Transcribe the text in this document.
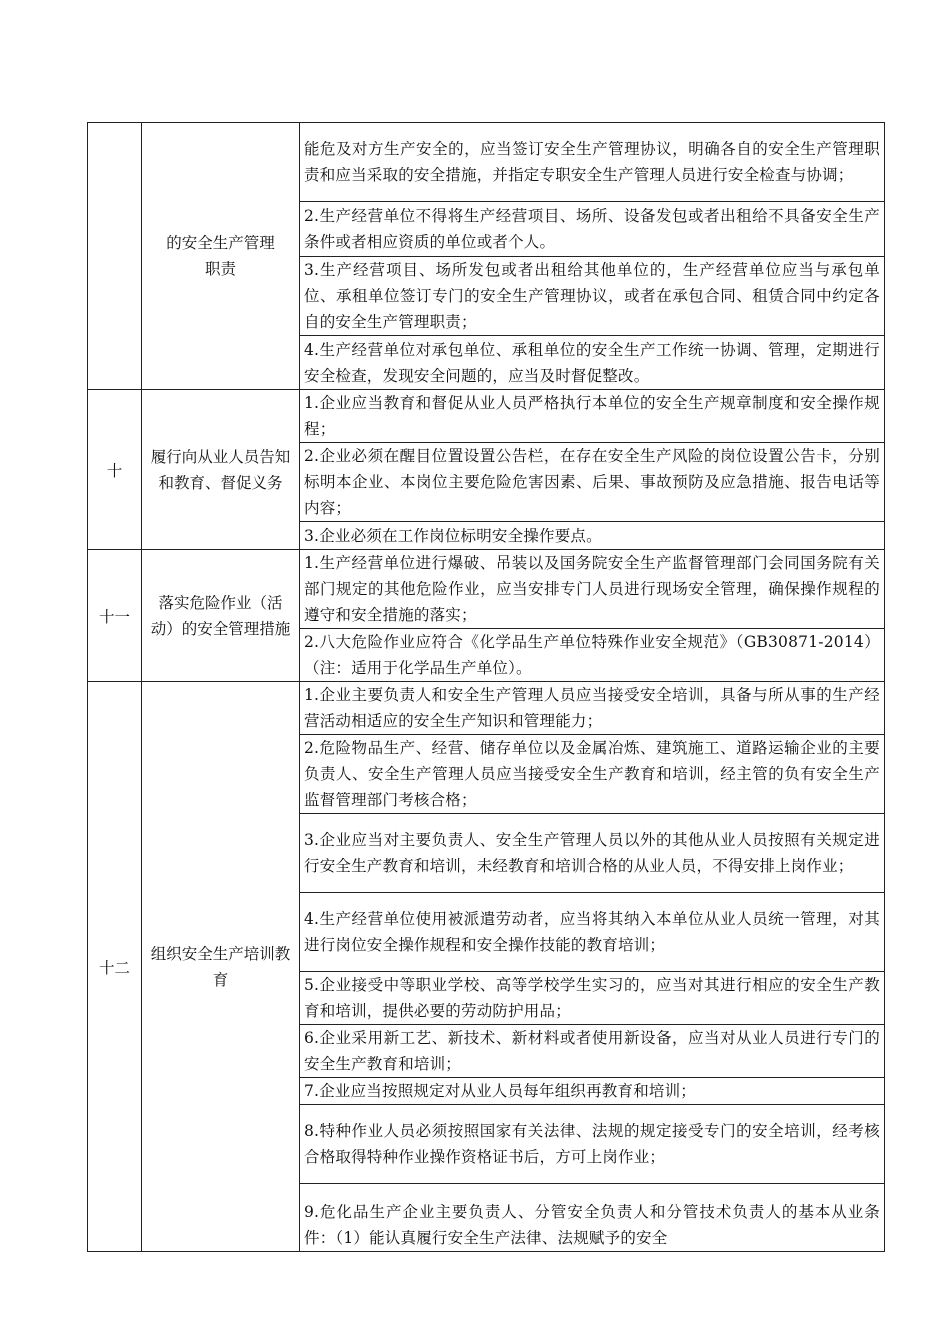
	的安全生产管理职责	能危及对方生产安全的，应当签订安全生产管理协议，明确各自的安全生产管理职责和应当采取的安全措施，并指定专职安全生产管理人员进行安全检查与协调；

		2.生产经营单位不得将生产经营项目、场所、设备发包或者出租给不具备安全生产条件或者相应资质的单位或者个人。

		3.生产经营项目、场所发包或者出租给其他单位的，生产经营单位应当与承包单位、承租单位签订专门的安全生产管理协议，或者在承包合同、租赁合同中约定各自的安全生产管理职责；

		4.生产经营单位对承包单位、承租单位的安全生产工作统一协调、管理，定期进行安全检查，发现安全问题的，应当及时督促整改。

十	履行向从业人员告知和教育、督促义务	1.企业应当教育和督促从业人员严格执行本单位的安全生产规章制度和安全操作规程；

		2.企业必须在醒目位置设置公告栏，在存在安全生产风险的岗位设置公告卡，分别标明本企业、本岗位主要危险危害因素、后果、事故预防及应急措施、报告电话等内容；

		3.企业必须在工作岗位标明安全操作要点。

十一	落实危险作业（活动）的安全管理措施	1.生产经营单位进行爆破、吊装以及国务院安全生产监督管理部门会同国务院有关部门规定的其他危险作业，应当安排专门人员进行现场安全管理，确保操作规程的遵守和安全措施的落实；

		2.八大危险作业应符合《化学品生产单位特殊作业安全规范》（GB30871-2014）（注：适用于化学品生产单位）。

十二	组织安全生产培训教育	1.企业主要负责人和安全生产管理人员应当接受安全培训，具备与所从事的生产经营活动相适应的安全生产知识和管理能力；

		2.危险物品生产、经营、储存单位以及金属冶炼、建筑施工、道路运输企业的主要负责人、安全生产管理人员应当接受安全生产教育和培训，经主管的负有安全生产监督管理部门考核合格；

		3.企业应当对主要负责人、安全生产管理人员以外的其他从业人员按照有关规定进行安全生产教育和培训，未经教育和培训合格的从业人员，不得安排上岗作业；

		4.生产经营单位使用被派遣劳动者，应当将其纳入本单位从业人员统一管理，对其进行岗位安全操作规程和安全操作技能的教育培训；

		5.企业接受中等职业学校、高等学校学生实习的，应当对其进行相应的安全生产教育和培训，提供必要的劳动防护用品；

		6.企业采用新工艺、新技术、新材料或者使用新设备，应当对从业人员进行专门的安全生产教育和培训；

		7.企业应当按照规定对从业人员每年组织再教育和培训；

		8.特种作业人员必须按照国家有关法律、法规的规定接受专门的安全培训，经考核合格取得特种作业操作资格证书后，方可上岗作业；

		9.危化品生产企业主要负责人、分管安全负责人和分管技术负责人的基本从业条件：（1）能认真履行安全生产法律、法规赋予的安全
